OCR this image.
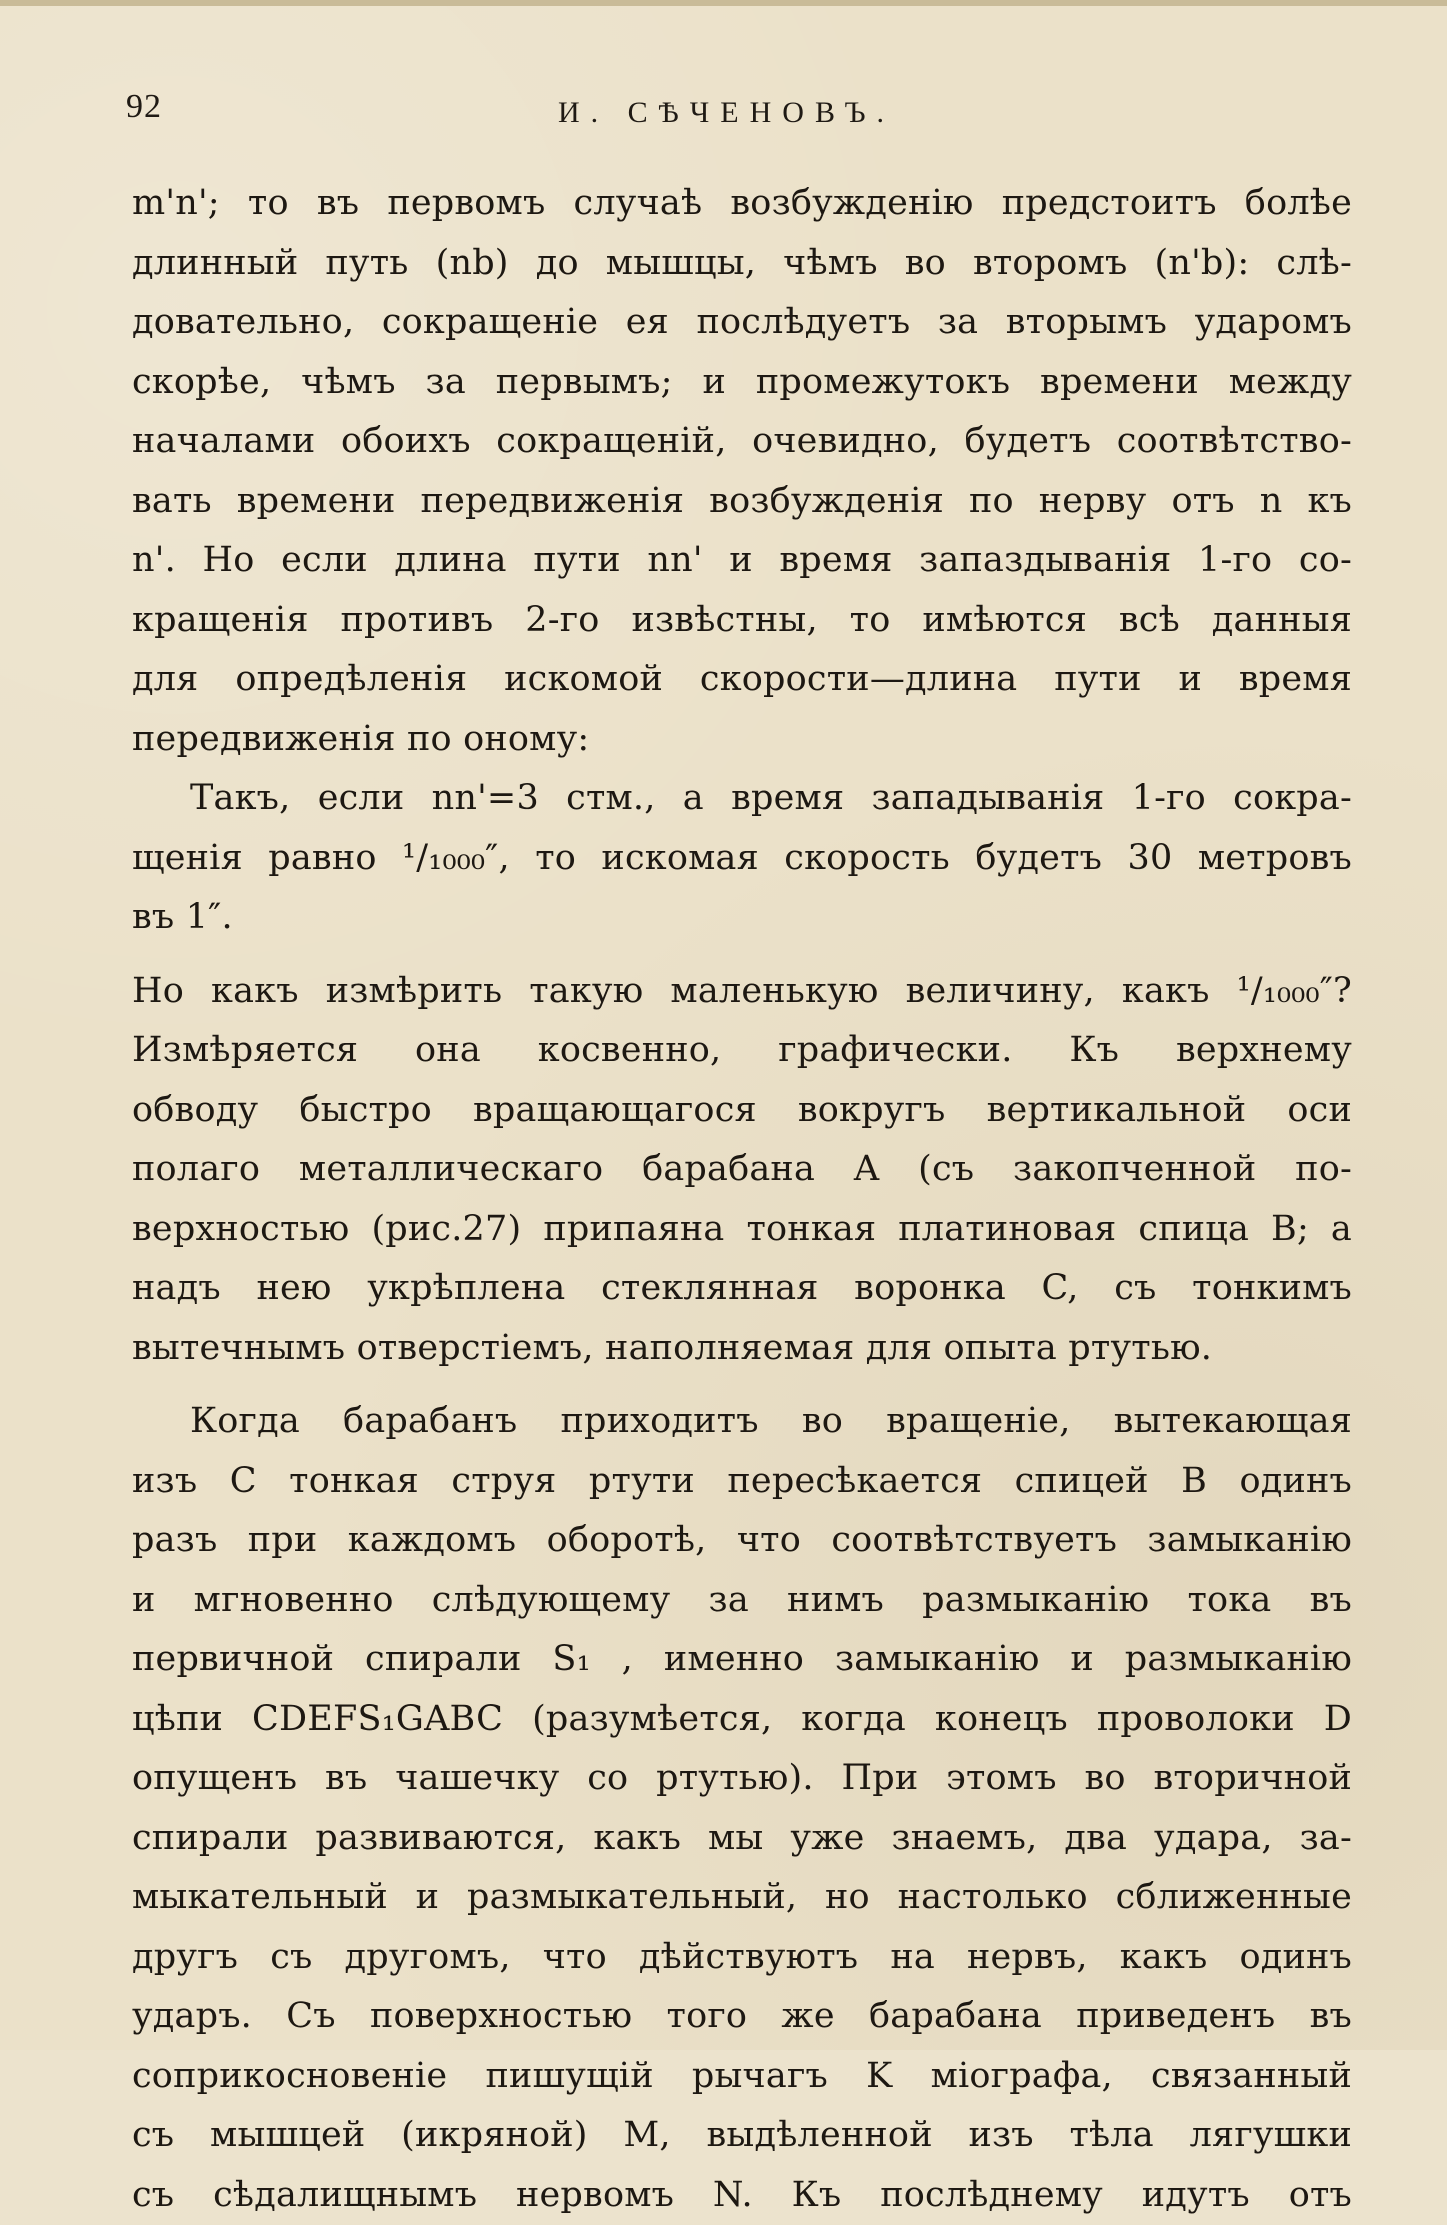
92	И. СѢЧЕНОВЪ.
m'n'; то въ первомъ случаѣ возбужденію предстоитъ болѣе
длинный путь (nb) до мышцы, чѣмъ во второмъ (n'b): слѣ-
довательно, сокращеніе ея послѣдуетъ за вторымъ ударомъ
скорѣе, чѣмъ за первымъ; и промежутокъ времени между
началами обоихъ сокращеній, очевидно, будетъ соотвѣтство-
вать времени передвиженія возбужденія по нерву отъ n къ
n'. Но если длина пути nn' и время запаздыванія 1-го со-
кращенія противъ 2-го извѣстны, то имѣются всѣ данныя
для опредѣленія искомой скорости—длина пути и время
передвиженія по оному:
Такъ, если nn'=3 стм., а время западыванія 1-го сокра-
щенія равно ¹/₁₀₀₀″, то искомая скорость будетъ 30 метровъ
въ 1″.
Но какъ измѣрить такую маленькую величину, какъ ¹/₁₀₀₀″?
Измѣряется она косвенно, графически. Къ верхнему
обводу быстро вращающагося вокругъ вертикальной оси
полаго металлическаго барабана A (съ закопченной по-
верхностью (рис.27) припаяна тонкая платиновая спица B; а
надъ нею укрѣплена стеклянная воронка C, съ тонкимъ
вытечнымъ отверстіемъ, наполняемая для опыта ртутью.
Когда барабанъ приходитъ во вращеніе, вытекающая
изъ C тонкая струя ртути пересѣкается спицей B одинъ
разъ при каждомъ оборотѣ, что соотвѣтствуетъ замыканію
и мгновенно слѣдующему за нимъ размыканію тока въ
первичной спирали S₁ , именно замыканію и размыканію
цѣпи CDEFS₁GABC (разумѣется, когда конецъ проволоки D
опущенъ въ чашечку со ртутью). При этомъ во вторичной
спирали развиваются, какъ мы уже знаемъ, два удара, за-
мыкательный и размыкательный, но настолько сближенные
другъ съ другомъ, что дѣйствуютъ на нервъ, какъ одинъ
ударъ. Съ поверхностью того же барабана приведенъ въ
соприкосновеніе пишущій рычагъ K міографа, связанный
съ мышцей (икряной) M, выдѣленной изъ тѣла лягушки
съ сѣдалищнымъ нервомъ N. Къ послѣднему идутъ отъ
